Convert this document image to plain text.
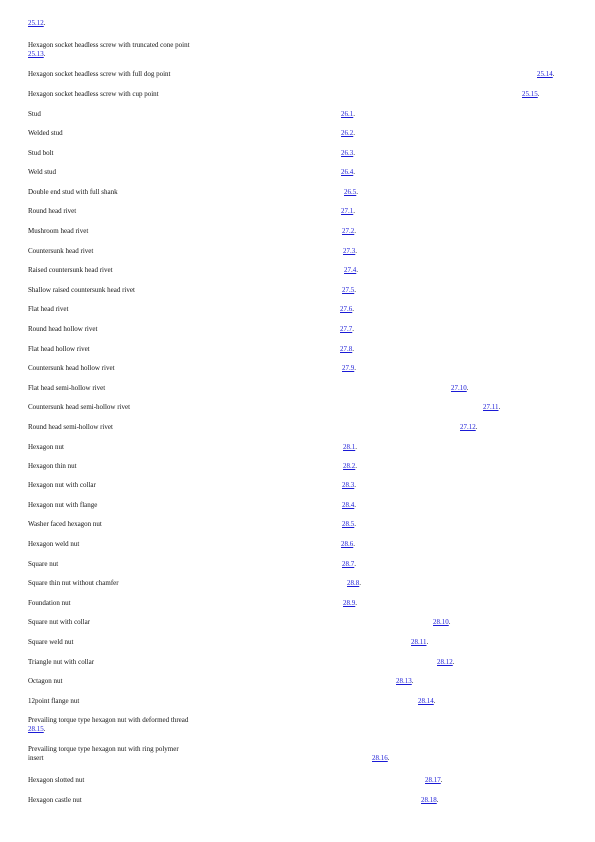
25.12.
Hexagon socket headless screw with truncated cone point
25.13.
Hexagon socket headless screw with full dog point	25.14.
Hexagon socket headless screw with cup point	25.15.
Stud	26.1.
Welded stud	26.2.
Stud bolt	26.3.
Weld stud	26.4.
Double end stud with full shank	26.5.
Round head rivet	27.1.
Mushroom head rivet	27.2.
Countersunk head rivet	27.3.
Raised countersunk head rivet	27.4.
Shallow raised countersunk head rivet	27.5.
Flat head rivet	27.6.
Round head hollow rivet	27.7.
Flat head hollow rivet	27.8.
Countersunk head hollow rivet	27.9.
Flat head semi-hollow rivet	27.10.
Countersunk head semi-hollow rivet	27.11.
Round head semi-hollow rivet	27.12.
Hexagon nut	28.1.
Hexagon thin nut	28.2.
Hexagon nut with collar	28.3.
Hexagon nut with flange	28.4.
Washer faced hexagon nut	28.5.
Hexagon weld nut	28.6.
Square nut	28.7.
Square thin nut without chamfer	28.8.
Foundation nut	28.9.
Square nut with collar	28.10.
Square weld nut	28.11.
Triangle nut with collar	28.12.
Octagon nut	28.13.
12point flange nut	28.14.
Prevailing torque type hexagon nut with deformed thread
28.15.
Prevailing torque type hexagon nut with ring polymer
insert	28.16.
Hexagon slotted nut	28.17.
Hexagon castle nut	28.18.
